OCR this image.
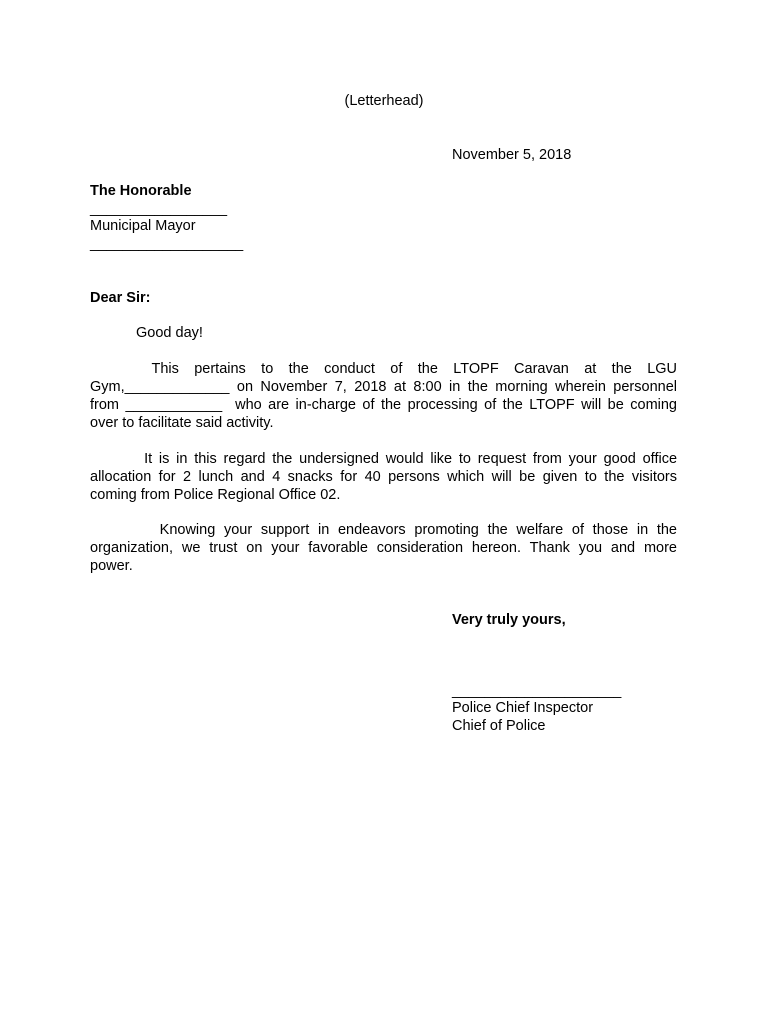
(Letterhead)
November 5, 2018
The Honorable
_________________
Municipal Mayor
___________________
Dear Sir:
Good day!
This  pertains  to  the  conduct  of  the  LTOPF  Caravan  at  the  LGU
Gym,_____________ on November 7, 2018 at 8:00 in the morning wherein personnel
from ____________  who are in-charge of the processing of the LTOPF will be coming
over to facilitate said activity.
It is in this regard the undersigned would like to request from your good office
allocation for 2 lunch and 4 snacks for 40 persons which will be given to the visitors
coming from Police Regional Office 02.
Knowing your support in endeavors promoting the welfare of those in the
organization, we trust on your favorable consideration hereon. Thank you and more
power.
Very truly yours,
_____________________
Police Chief Inspector
Chief of Police
